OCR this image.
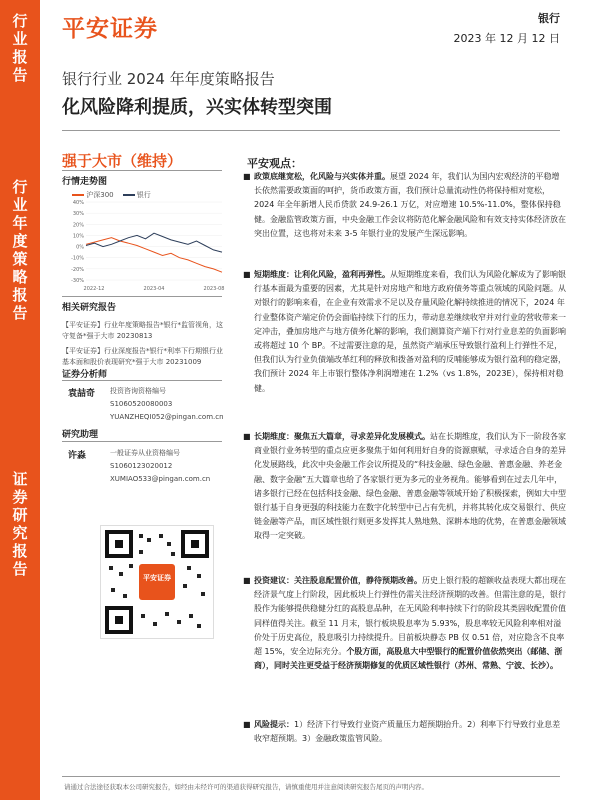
行业报告
行业年度策略报告
证券研究报告
平安证券	银行
2023 年 12 月 12 日
银行行业 2024 年年度策略报告
化风险降利提质，兴实体转型突围
强于大市（维持）
行情走势图
沪深300	银行
40%
30%
20%
10%
0%
-10%
-20%
-30%
2022-12	2023-04	2023-08
相关研究报告
【平安证券】行业年度策略报告*银行*监管视角，这守复备*强于大市 20230813
【平安证券】行业深度报告*银行*利率下行期银行业基本面和股价表现研究*强于大市 20231009
证券分析师
袁喆奇 投资咨询资格编号
S1060520080003
YUANZHEQI052@pingan.com.cn
研究助理
许淼	一般证券从业资格编号
S1060123020012
XUMIAO533@pingan.com.cn
平安证券
平安观点：
■ 政策底继宽松，化风险与兴实体并重。展望 2024 年，我们认为国内宏观经济的平稳增长依然需要政策面的呵护，货币政策方面，我们预计总量流动性仍将保持相对宽松，2024 年全年新增人民币贷款 24.9-26.1 万亿，对应增速 10.5%-11.0%，整体保持稳健。金融监管政策方面，中央金融工作会议将防范化解金融风险和有效支持实体经济放在突出位置，这也将对未来 3-5 年银行业的发展产生深远影响。
■ 短期维度：让利化风险，盈利再弹性。从短期维度来看，我们认为风险化解成为了影响银行基本面最为重要的因素，尤其是针对房地产和地方政府债务等重点领域的风险问题。从对银行的影响来看，在企业有效需求不足以及存量风险化解持续推进的情况下，2024 年行业整体资产端定价仍会面临持续下行的压力，带动息差继续收窄并对行业的营收带来一定冲击，叠加房地产与地方债务化解的影响，我们测算资产端下行对行业息差的负面影响或将超过 10 个 BP。不过需要注意的是，虽然资产端承压导致银行盈利上行弹性不足，但我们认为行业负债端改革红利的释放和拨备对盈利的反哺能够成为银行盈利的稳定器，我们预计 2024 年上市银行整体净利润增速在 1.2%（vs 1.8%，2023E），保持相对稳健。
■ 长期维度：聚焦五大篇章，寻求差异化发展模式。站在长期维度，我们认为下一阶段各家商业银行业务转型的重点应更多聚焦于如何利用好自身的资源禀赋，寻求适合自身的差异化发展路线，此次中央金融工作会议所提及的“科技金融、绿色金融、普惠金融、养老金融、数字金融”五大篇章也给了各家银行更为多元的业务视角。能够看到在过去几年中，诸多银行已经在包括科技金融、绿色金融、普惠金融等领域开始了积极探索，例如大中型银行基于自身更强的科技能力在数字化转型中已占有先机，并将其转化成交易银行、供应链金融等产品，而区域性银行则更多发挥其人熟地熟、深耕本地的优势，在普惠金融领域取得一定突破。
■ 投资建议：关注股息配置价值，静待预期改善。历史上银行股的超额收益表现大都出现在经济景气度上行阶段，因此板块上行弹性仍需关注经济预期的改善。但需注意的是，银行股作为能够提供稳健分红的高股息品种，在无风险利率持续下行的阶段其类固收配置价值同样值得关注。截至 11 月末，银行板块股息率为 5.93%，股息率较无风险利率相对溢价处于历史高位，股息吸引力持续提升。目前板块静态 PB 仅 0.51 倍，对应隐含不良率超 15%，安全边际充分。个股方面，高股息大中型银行的配置价值依然突出（邮储、浙商），同时关注更受益于经济预期修复的优质区域性银行（苏州、常熟、宁波、长沙）。
■ 风险提示：1）经济下行导致行业资产质量压力超预期抬升。2）利率下行导致行业息差收窄超预期。3）金融政策监管风险。
请通过合法途径获取本公司研究报告，如经由未经许可的渠道获得研究报告，请慎重使用并注意阅读研究报告尾页的声明内容。
